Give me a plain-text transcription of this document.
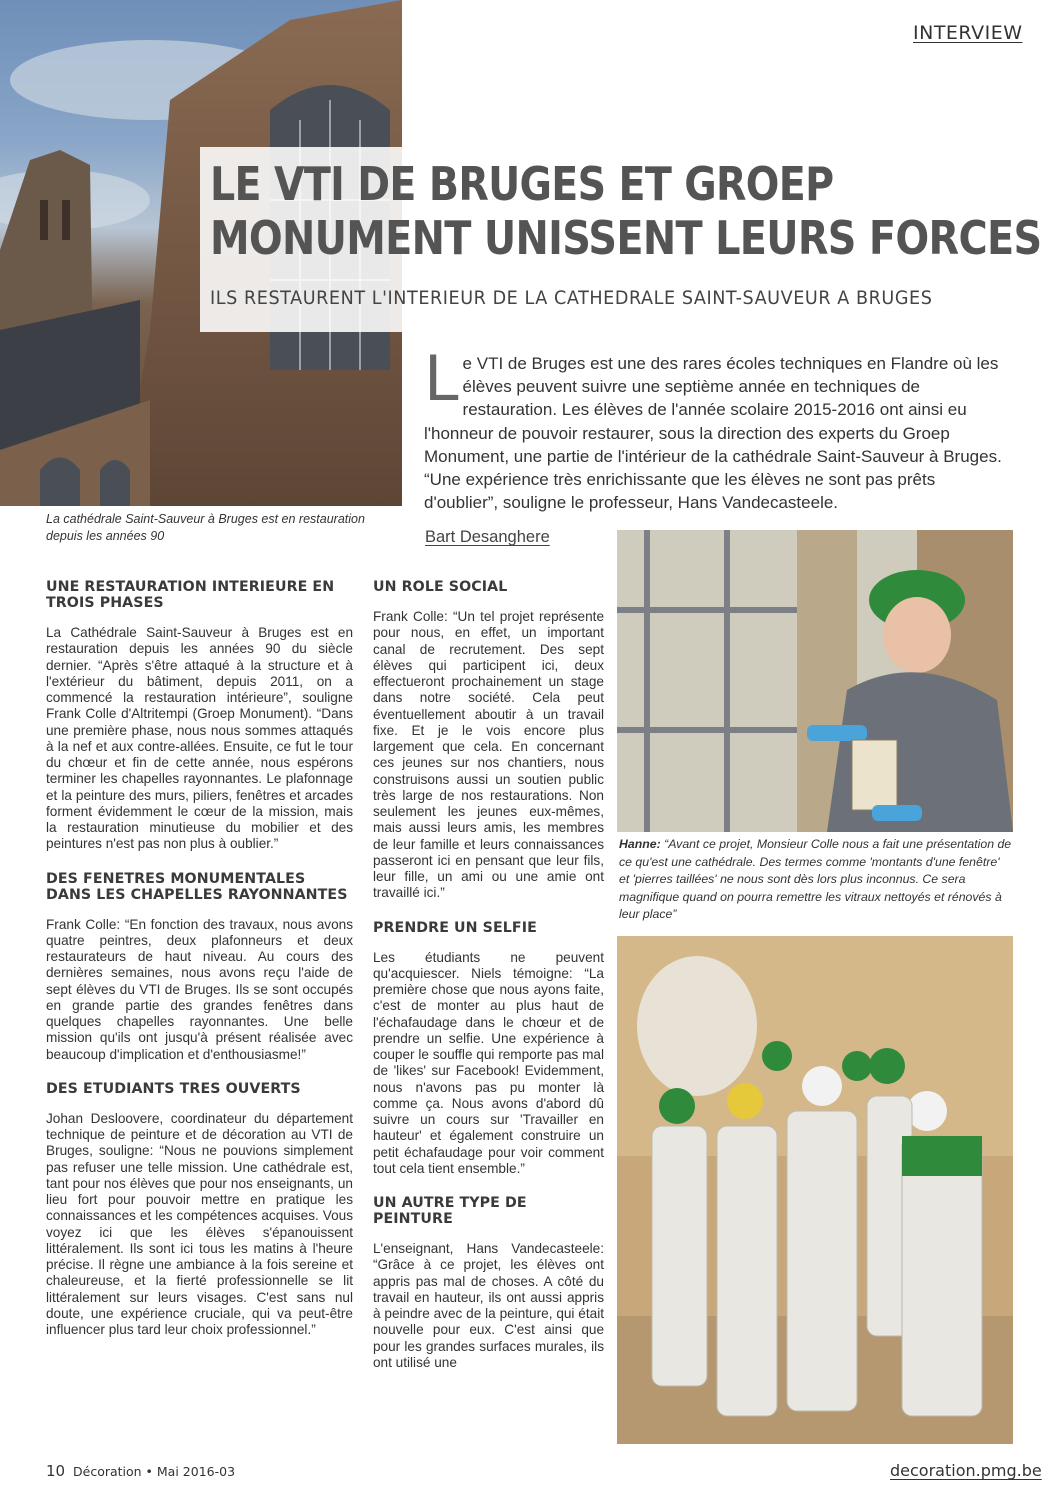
INTERVIEW
LE VTI DE BRUGES ET GROEP
MONUMENT UNISSENT LEURS FORCES
ILS RESTAURENT L'INTERIEUR DE LA CATHEDRALE SAINT-SAUVEUR A BRUGES
Le VTI de Bruges est une des rares écoles techniques en Flandre où les élèves peuvent suivre une septième année en techniques de restauration. Les élèves de l'année scolaire 2015-2016 ont ainsi eu l'honneur de pouvoir restaurer, sous la direction des experts du Groep Monument, une partie de l'intérieur de la cathédrale Saint-Sauveur à Bruges. “Une expérience très enrichissante que les élèves ne sont pas prêts d'oublier”, souligne le professeur, Hans Vandecasteele.
Bart Desanghere
La cathédrale Saint-Sauveur à Bruges est en restauration depuis les années 90
Hanne: “Avant ce projet, Monsieur Colle nous a fait une présentation de ce qu'est une cathédrale. Des termes comme 'montants d'une fenêtre' et 'pierres taillées' ne nous sont dès lors plus inconnus. Ce sera magnifique quand on pourra remettre les vitraux nettoyés et rénovés à leur place”
UNE RESTAURATION INTERIEURE EN TROIS PHASES

La Cathédrale Saint-Sauveur à Bruges est en restauration depuis les années 90 du siècle dernier. “Après s'être attaqué à la structure et à l'extérieur du bâtiment, depuis 2011, on a commencé la restauration intérieure”, souligne Frank Colle d'Altritempi (Groep Monument). “Dans une première phase, nous nous sommes attaqués à la nef et aux contre-allées. Ensuite, ce fut le tour du chœur et fin de cette année, nous espérons terminer les chapelles rayonnantes. Le plafonnage et la peinture des murs, piliers, fenêtres et arcades forment évidemment le cœur de la mission, mais la restauration minutieuse du mobilier et des peintures n'est pas non plus à oublier.”

DES FENETRES MONUMENTALES DANS LES CHAPELLES RAYONNANTES

Frank Colle: “En fonction des travaux, nous avons quatre peintres, deux plafonneurs et deux restaurateurs de haut niveau. Au cours des dernières semaines, nous avons reçu l'aide de sept élèves du VTI de Bruges. Ils se sont occupés en grande partie des grandes fenêtres dans quelques chapelles rayonnantes. Une belle mission qu'ils ont jusqu'à présent réalisée avec beaucoup d'implication et d'enthousiasme!”

DES ETUDIANTS TRES OUVERTS

Johan Desloovere, coordinateur du département technique de peinture et de décoration au VTI de Bruges, souligne: “Nous ne pouvions simplement pas refuser une telle mission. Une cathédrale est, tant pour nos élèves que pour nos enseignants, un lieu fort pour pouvoir mettre en pratique les connaissances et les compétences acquises. Vous voyez ici que les élèves s'épanouissent littéralement. Ils sont ici tous les matins à l'heure précise. Il règne une ambiance à la fois sereine et chaleureuse, et la fierté professionnelle se lit littéralement sur leurs visages. C'est sans nul doute, une expérience cruciale, qui va peut-être influencer plus tard leur choix professionnel.”

UN ROLE SOCIAL

Frank Colle: “Un tel projet représente pour nous, en effet, un important canal de recrutement. Des sept élèves qui participent ici, deux effectueront prochainement un stage dans notre société. Cela peut éventuellement aboutir à un travail fixe. Et je le vois encore plus largement que cela. En concernant ces jeunes sur nos chantiers, nous construisons aussi un soutien public très large de nos restaurations. Non seulement les jeunes eux-mêmes, mais aussi leurs amis, les membres de leur famille et leurs connaissances passeront ici en pensant que leur fils, leur fille, un ami ou une amie ont travaillé ici.”

PRENDRE UN SELFIE

Les étudiants ne peuvent qu'acquiescer. Niels témoigne: “La première chose que nous ayons faite, c'est de monter au plus haut de l'échafaudage dans le chœur et de prendre un selfie. Une expérience à couper le souffle qui remporte pas mal de 'likes' sur Facebook! Evidemment, nous n'avons pas pu monter là comme ça. Nous avons d'abord dû suivre un cours sur 'Travailler en hauteur' et également construire un petit échafaudage pour voir comment tout cela tient ensemble.”

UN AUTRE TYPE DE PEINTURE

L'enseignant, Hans Vandecasteele: “Grâce à ce projet, les élèves ont appris pas mal de choses. A côté du travail en hauteur, ils ont aussi appris à peindre avec de la peinture, qui était nouvelle pour eux. C'est ainsi que pour les grandes surfaces murales, ils ont utilisé une

10 Décoration • Mai 2016-03	decoration.pmg.be
